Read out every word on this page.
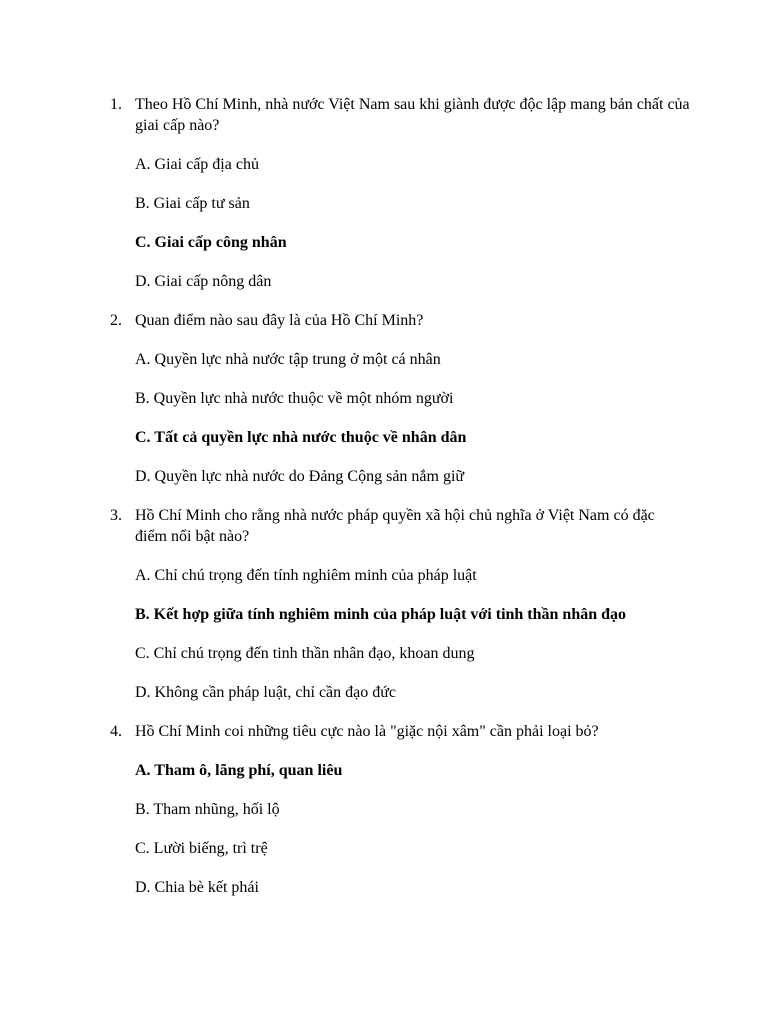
1. Theo Hồ Chí Minh, nhà nước Việt Nam sau khi giành được độc lập mang bản chất của giai cấp nào?
A. Giai cấp địa chủ
B. Giai cấp tư sản
C. Giai cấp công nhân
D. Giai cấp nông dân
2. Quan điểm nào sau đây là của Hồ Chí Minh?
A. Quyền lực nhà nước tập trung ở một cá nhân
B. Quyền lực nhà nước thuộc về một nhóm người
C. Tất cả quyền lực nhà nước thuộc về nhân dân
D. Quyền lực nhà nước do Đảng Cộng sản nắm giữ
3. Hồ Chí Minh cho rằng nhà nước pháp quyền xã hội chủ nghĩa ở Việt Nam có đặc điểm nổi bật nào?
A. Chỉ chú trọng đến tính nghiêm minh của pháp luật
B. Kết hợp giữa tính nghiêm minh của pháp luật với tinh thần nhân đạo
C. Chỉ chú trọng đến tinh thần nhân đạo, khoan dung
D. Không cần pháp luật, chỉ cần đạo đức
4. Hồ Chí Minh coi những tiêu cực nào là "giặc nội xâm" cần phải loại bỏ?
A. Tham ô, lãng phí, quan liêu
B. Tham nhũng, hối lộ
C. Lười biếng, trì trệ
D. Chia bè kết phái
